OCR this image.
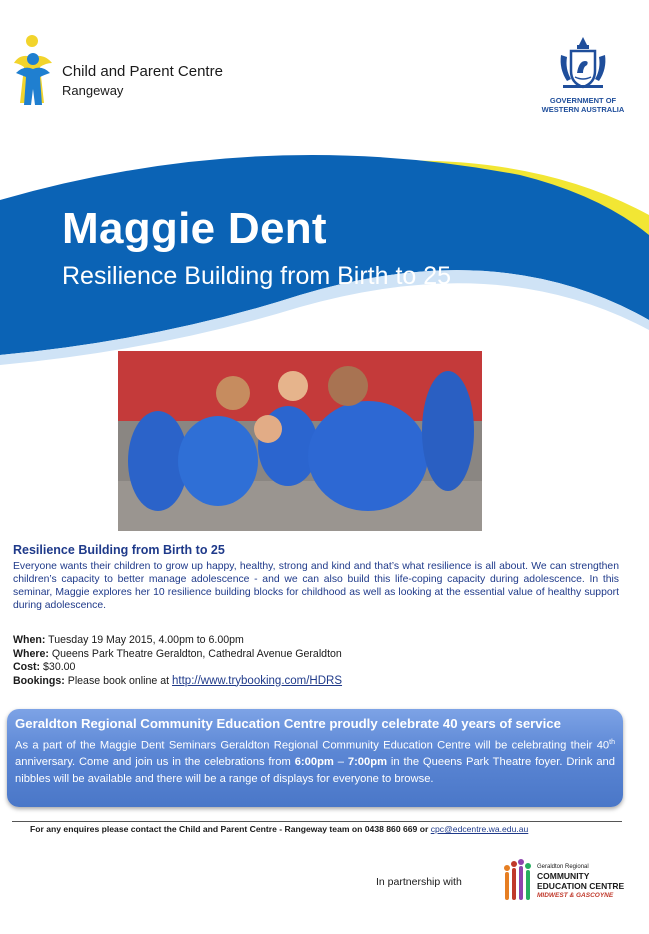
Child and Parent Centre
Rangeway
GOVERNMENT OF
WESTERN AUSTRALIA
Maggie Dent
Resilience Building from Birth to 25
Resilience Building from Birth to 25

Everyone wants their children to grow up happy, healthy, strong and kind and that’s what resilience is all about. We can strengthen children’s capacity to better manage adolescence - and we can also build this life-coping capacity during adolescence. In this seminar, Maggie explores her 10 resilience building blocks for childhood as well as looking at the essential value of healthy support during adolescence.

When: Tuesday 19 May 2015, 4.00pm to 6.00pm
Where: Queens Park Theatre Geraldton, Cathedral Avenue Geraldton
Cost: $30.00
Bookings: Please book online at http://www.trybooking.com/HDRS
Geraldton Regional Community Education Centre proudly celebrate 40 years of service
As a part of the Maggie Dent Seminars Geraldton Regional Community Education Centre will be celebrating their 40th anniversary. Come and join us in the celebrations from 6:00pm – 7:00pm in the Queens Park Theatre foyer. Drink and nibbles will be available and there will be a range of displays for everyone to browse.
For any enquires please contact the Child and Parent Centre - Rangeway team on 0438 860 669 or cpc@edcentre.wa.edu.au
In partnership with
Geraldton Regional
COMMUNITY
EDUCATION CENTRE
MIDWEST & GASCOYNE
